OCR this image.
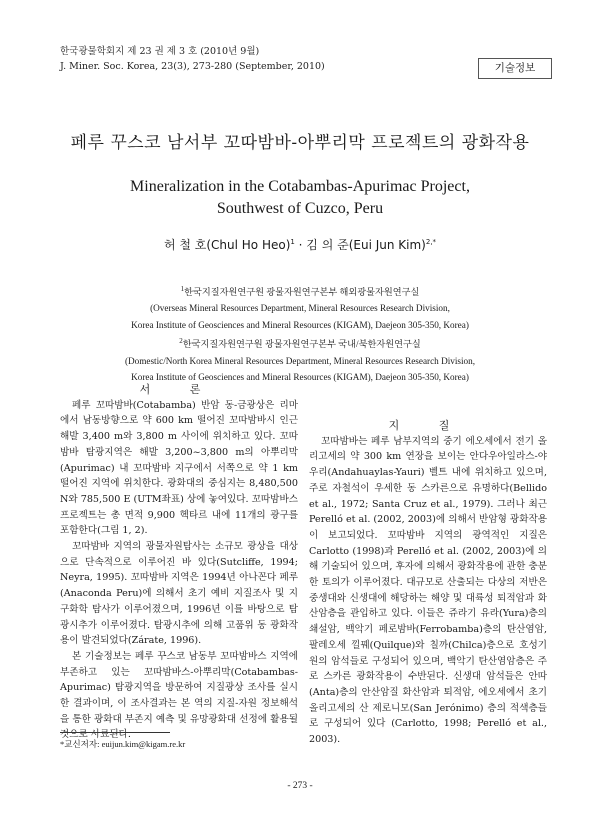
한국광물학회지 제 23 권 제 3 호 (2010년 9월)
J. Miner. Soc. Korea, 23(3), 273-280 (September, 2010)	기술정보
페루 꾸스코 남서부 꼬따밤바-아뿌리막 프로젝트의 광화작용
Mineralization in the Cotabambas-Apurimac Project,
Southwest of Cuzco, Peru
허 철 호(Chul Ho Heo)$^1$ · 김 의 준(Eui Jun Kim)$^{2,*}$
$^1$한국지질자원연구원 광물자원연구본부 해외광물자원연구실
(Overseas Mineral Resources Department, Mineral Resources Research Division,
Korea Institute of Geosciences and Mineral Resources (KIGAM), Daejeon 305-350, Korea)
$^2$한국지질자원연구원 광물자원연구본부 국내/북한자원연구실
(Domestic/North Korea Mineral Resources Department, Mineral Resources Research Division,
Korea Institute of Geosciences and Mineral Resources (KIGAM), Daejeon 305-350, Korea)

서 론

페루 꼬따밤바(Cotabamba) 반암 동-금광상은 리마에서 남동방향으로 약 600 km 떨어진 꼬따밤바시 인근 해발 3,400 m와 3,800 m 사이에 위치하고 있다. 꼬따밤바 탐광지역은 해발 3,200~3,800 m의 아뿌리막(Apurimac) 내 꼬따밤바 지구에서 서쪽으로 약 1 km 떨어진 지역에 위치한다. 광화대의 중심지는 8,480,500 N와 785,500 E (UTM좌표) 상에 놓여있다. 꼬따밤바스 프로젝트는 총 면적 9,900 헥타르 내에 11개의 광구를 포함한다(그림 1, 2).

꼬따밤바 지역의 광물자원탐사는 소규모 광상을 대상으로 단속적으로 이루어진 바 있다(Sutcliffe, 1994; Neyra, 1995). 꼬따밤바 지역은 1994년 아나꼰다 페루(Anaconda Peru)에 의해서 초기 예비 지질조사 및 지구화학 탐사가 이루어졌으며, 1996년 이를 바탕으로 탐광시추가 이루어졌다. 탐광시추에 의해 고품위 동 광화작용이 발견되었다(Zárate, 1996).

본 기술정보는 페루 꾸스코 남동부 꼬따밤바스 지역에 부존하고 있는 꼬따밤바스-아뿌리막(Cotabambas-Apurimac) 탐광지역을 방문하여 지질광상 조사를 실시한 결과이며, 이 조사결과는 본 역의 지질-자원 정보해석을 통한 광화대 부존지 예측 및 유망광화대 선정에 활용될 것으로 사료된다.

지 질

꼬따밤바는 페루 남부지역의 중기 에오세에서 전기 올리고세의 약 300 km 연장을 보이는 안다우아일라스-야우리(Andahuaylas-Yauri) 벨트 내에 위치하고 있으며, 주로 자철석이 우세한 동 스카른으로 유명하다(Bellido et al., 1972; Santa Cruz et al., 1979). 그러나 최근 Perelló et al. (2002, 2003)에 의해서 반암형 광화작용이 보고되었다. 꼬따밤바 지역의 광역적인 지질은 Carlotto (1998)과 Perelló et al. (2002, 2003)에 의해 기술되어 있으며, 후자에 의해서 광화작용에 관한 충분한 토의가 이루어졌다. 대규모로 산출되는 다상의 저반은 중생대와 신생대에 해당하는 해양 및 대륙성 퇴적암과 화산암층을 관입하고 있다. 이들은 쥬라기 유라(Yura)층의 쇄설암, 백악기 페로밤바(Ferrobamba)층의 탄산염암, 팔레오세 낄꿰(Quilque)와 칠까(Chilca)층으로 호성기원의 암석들로 구성되어 있으며, 백악기 탄산염암층은 주로 스카른 광화작용이 수반된다. 신생대 암석들은 안따(Anta)층의 안산암질 화산암과 퇴적암, 에오세에서 초기 올리고세의 산 제로니모(San Jerónimo) 층의 적색층들로 구성되어 있다 (Carlotto, 1998; Perelló et al., 2003).

*교신저자: euijun.kim@kigam.re.kr
- 273 -
